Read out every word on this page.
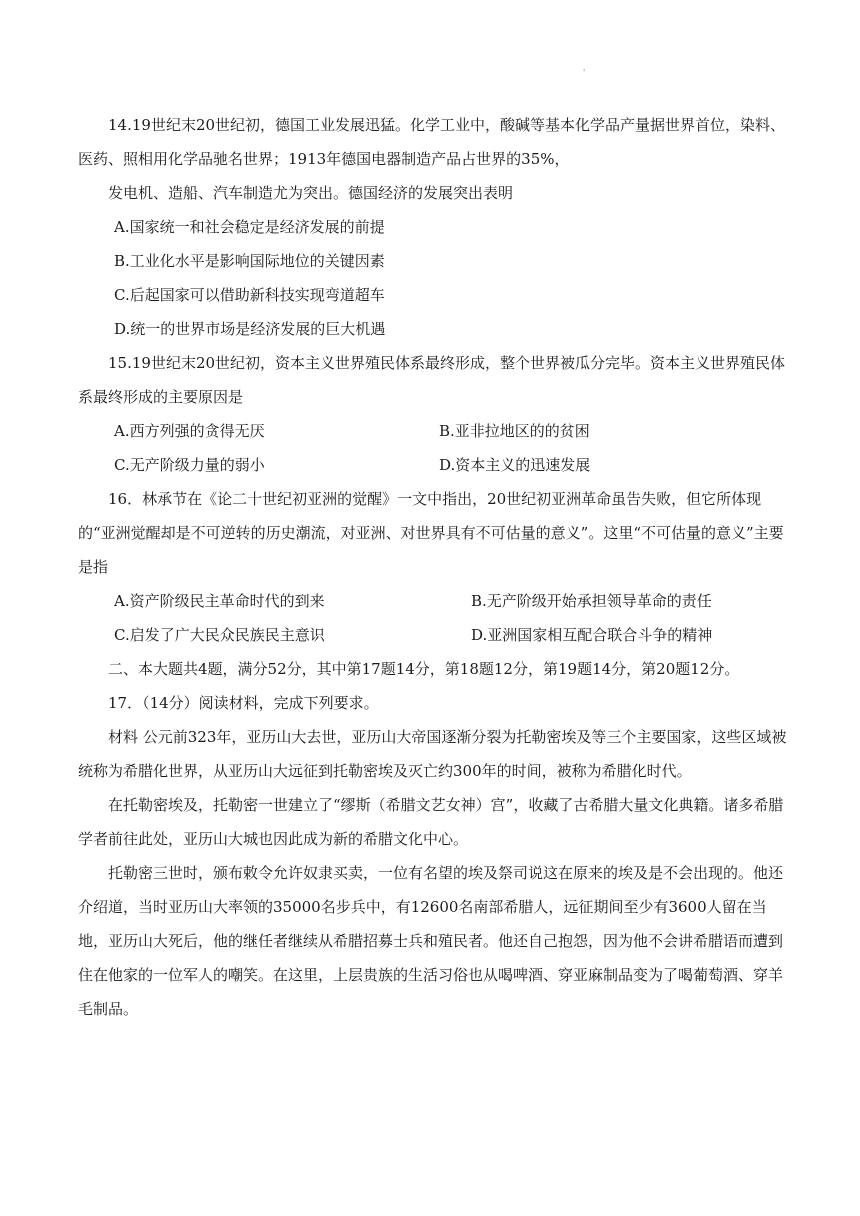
'

14.19世纪末20世纪初，德国工业发展迅猛。化学工业中，酸碱等基本化学品产量据世界首位，染料、医药、照相用化学品驰名世界；1913年德国电器制造产品占世界的35%，

发电机、造船、汽车制造尤为突出。德国经济的发展突出表明

A.国家统一和社会稳定是经济发展的前提

B.工业化水平是影响国际地位的关键因素

C.后起国家可以借助新科技实现弯道超车

D.统一的世界市场是经济发展的巨大机遇

15.19世纪末20世纪初，资本主义世界殖民体系最终形成，整个世界被瓜分完毕。资本主义世界殖民体系最终形成的主要原因是

A.西方列强的贪得无厌	B.亚非拉地区的的贫困
C.无产阶级力量的弱小	D.资本主义的迅速发展

16．林承节在《论二十世纪初亚洲的觉醒》一文中指出，20世纪初亚洲革命虽告失败，但它所体现的“亚洲觉醒却是不可逆转的历史潮流，对亚洲、对世界具有不可估量的意义”。这里“不可估量的意义”主要是指

A.资产阶级民主革命时代的到来	B.无产阶级开始承担领导革命的责任
C.启发了广大民众民族民主意识	D.亚洲国家相互配合联合斗争的精神

二、本大题共4题，满分52分，其中第17题14分，第18题12分，第19题14分，第20题12分。

17．（14分）阅读材料，完成下列要求。

材料 公元前323年，亚历山大去世，亚历山大帝国逐渐分裂为托勒密埃及等三个主要国家，这些区域被统称为希腊化世界，从亚历山大远征到托勒密埃及灭亡约300年的时间，被称为希腊化时代。

在托勒密埃及，托勒密一世建立了“缪斯（希腊文艺女神）宫”，收藏了古希腊大量文化典籍。诸多希腊学者前往此处，亚历山大城也因此成为新的希腊文化中心。

托勒密三世时，颁布敕令允许奴隶买卖，一位有名望的埃及祭司说这在原来的埃及是不会出现的。他还介绍道，当时亚历山大率领的35000名步兵中，有12600名南部希腊人，远征期间至少有3600人留在当地，亚历山大死后，他的继任者继续从希腊招募士兵和殖民者。他还自己抱怨，因为他不会讲希腊语而遭到住在他家的一位军人的嘲笑。在这里，上层贵族的生活习俗也从喝啤酒、穿亚麻制品变为了喝葡萄酒、穿羊毛制品。
